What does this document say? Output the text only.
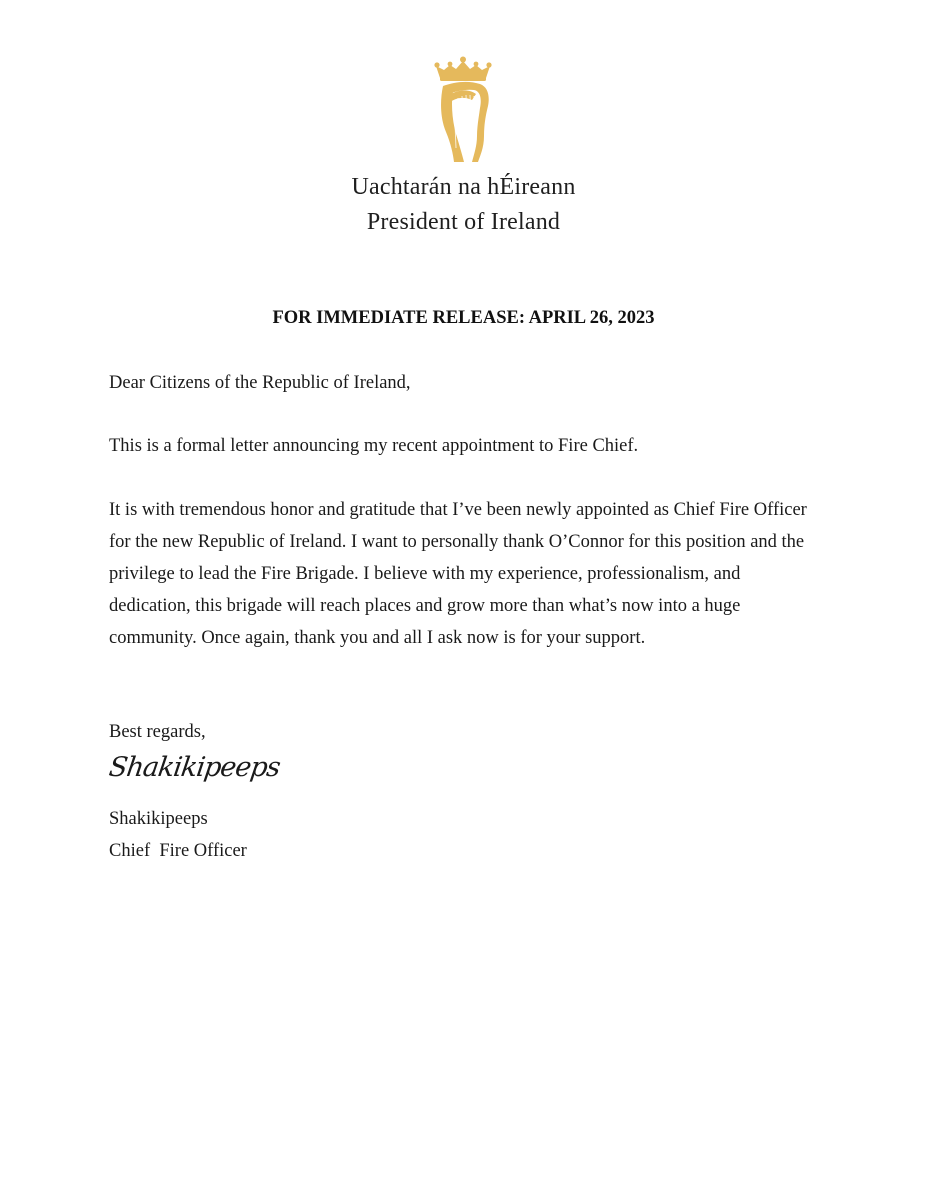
Uachtarán na hÉireann
President of Ireland
FOR IMMEDIATE RELEASE: APRIL 26, 2023
Dear Citizens of the Republic of Ireland,
This is a formal letter announcing my recent appointment to Fire Chief.
It is with tremendous honor and gratitude that I’ve been newly appointed as Chief Fire Officer for the new Republic of Ireland. I want to personally thank O’Connor for this position and the privilege to lead the Fire Brigade. I believe with my experience, professionalism, and dedication, this brigade will reach places and grow more than what’s now into a huge community. Once again, thank you and all I ask now is for your support.
Best regards,
Shakikipeeps
Shakikipeeps
Chief  Fire Officer
